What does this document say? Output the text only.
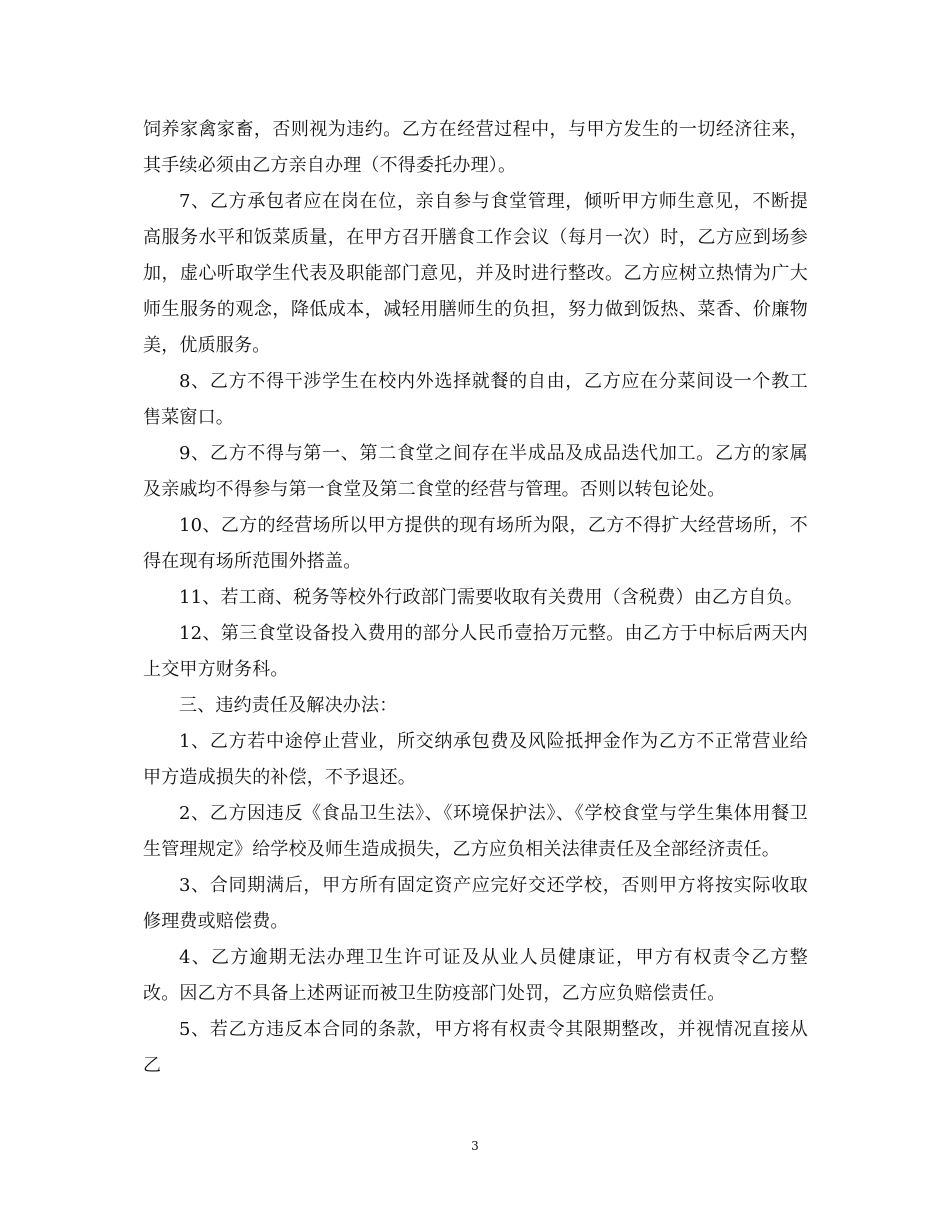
饲养家禽家畜，否则视为违约。乙方在经营过程中，与甲方发生的一切经济往来，其手续必须由乙方亲自办理（不得委托办理）。

7、乙方承包者应在岗在位，亲自参与食堂管理，倾听甲方师生意见，不断提高服务水平和饭菜质量，在甲方召开膳食工作会议（每月一次）时，乙方应到场参加，虚心听取学生代表及职能部门意见，并及时进行整改。乙方应树立热情为广大师生服务的观念，降低成本，减轻用膳师生的负担，努力做到饭热、菜香、价廉物美，优质服务。

8、乙方不得干涉学生在校内外选择就餐的自由，乙方应在分菜间设一个教工售菜窗口。

9、乙方不得与第一、第二食堂之间存在半成品及成品迭代加工。乙方的家属及亲戚均不得参与第一食堂及第二食堂的经营与管理。否则以转包论处。

10、乙方的经营场所以甲方提供的现有场所为限，乙方不得扩大经营场所，不得在现有场所范围外搭盖。

11、若工商、税务等校外行政部门需要收取有关费用（含税费）由乙方自负。

12、第三食堂设备投入费用的部分人民币壹拾万元整。由乙方于中标后两天内上交甲方财务科。

三、违约责任及解决办法：

1、乙方若中途停止营业，所交纳承包费及风险抵押金作为乙方不正常营业给甲方造成损失的补偿，不予退还。

2、乙方因违反《食品卫生法》、《环境保护法》、《学校食堂与学生集体用餐卫生管理规定》给学校及师生造成损失，乙方应负相关法律责任及全部经济责任。

3、合同期满后，甲方所有固定资产应完好交还学校，否则甲方将按实际收取修理费或赔偿费。

4、乙方逾期无法办理卫生许可证及从业人员健康证，甲方有权责令乙方整改。因乙方不具备上述两证而被卫生防疫部门处罚，乙方应负赔偿责任。

5、若乙方违反本合同的条款，甲方将有权责令其限期整改，并视情况直接从乙

3
